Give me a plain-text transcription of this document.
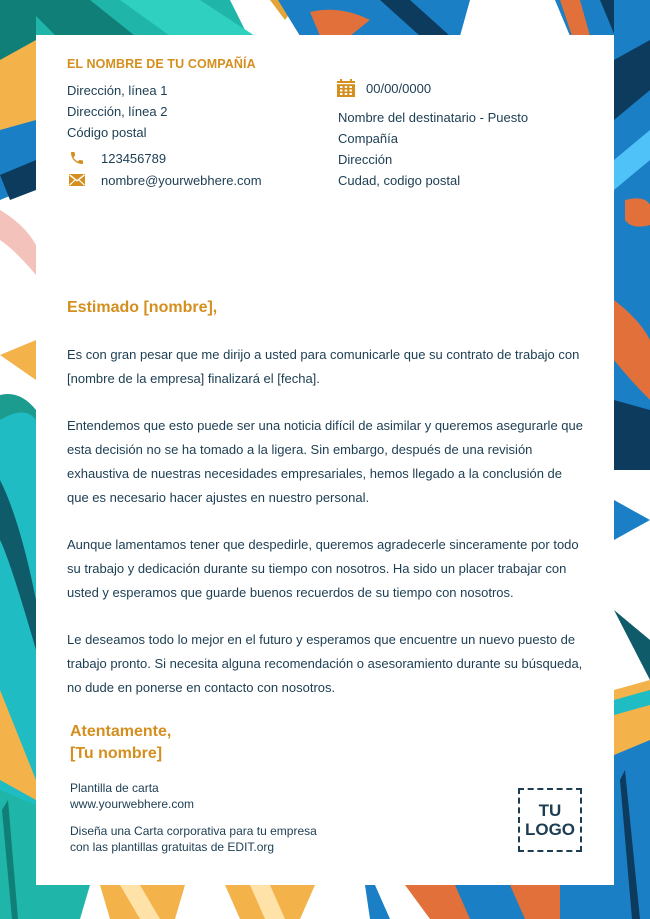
EL NOMBRE DE TU COMPAÑÍA
Dirección, línea 1
Dirección, línea 2
Código postal
123456789
nombre@yourwebhere.com
00/00/0000
Nombre del destinatario - Puesto
Compañía
Dirección
Cudad, codigo postal
Estimado [nombre],

Es con gran pesar que me dirijo a usted para comunicarle que su contrato de trabajo con [nombre de la empresa] finalizará el [fecha].

Entendemos que esto puede ser una noticia difícil de asimilar y queremos asegurarle que esta decisión no se ha tomado a la ligera. Sin embargo, después de una revisión exhaustiva de nuestras necesidades empresariales, hemos llegado a la conclusión de que es necesario hacer ajustes en nuestro personal.

Aunque lamentamos tener que despedirle, queremos agradecerle sinceramente por todo su trabajo y dedicación durante su tiempo con nosotros. Ha sido un placer trabajar con usted y esperamos que guarde buenos recuerdos de su tiempo con nosotros.

Le deseamos todo lo mejor en el futuro y esperamos que encuentre un nuevo puesto de trabajo pronto. Si necesita alguna recomendación o asesoramiento durante su búsqueda, no dude en ponerse en contacto con nosotros.

Atentamente,
[Tu nombre]
Plantilla de carta
www.yourwebhere.com
Diseña una Carta corporativa para tu empresa
con las plantillas gratuitas de EDIT.org
TU
LOGO
